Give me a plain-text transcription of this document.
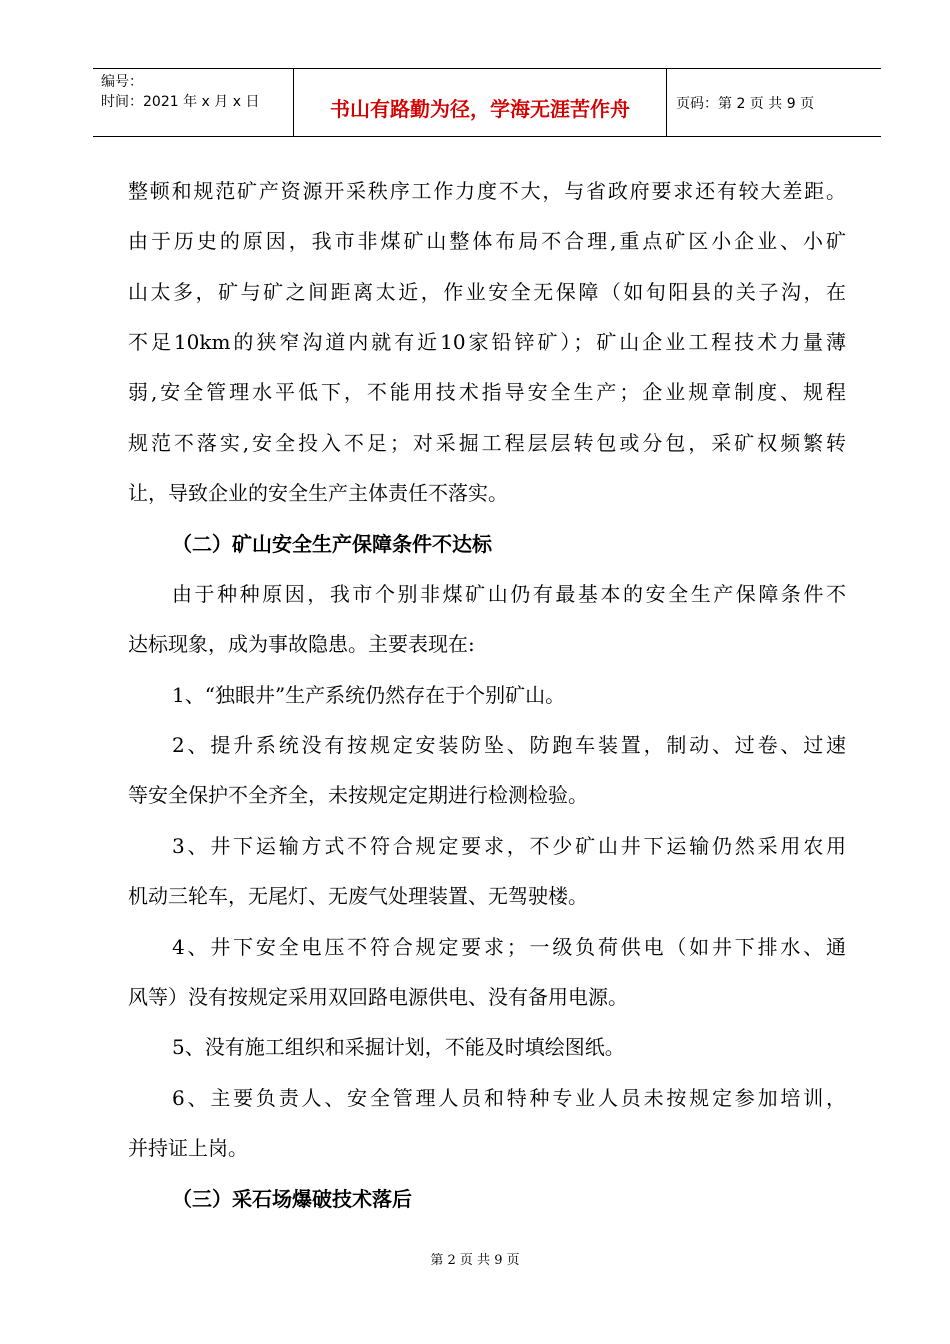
编号：
时间：2021 年 x 月 x 日	书山有路勤为径，学海无涯苦作舟	页码：第 2 页 共 9 页
整顿和规范矿产资源开采秩序工作力度不大，与省政府要求还有较大差距。
由于历史的原因，我市非煤矿山整体布局不合理,重点矿区小企业、小矿
山太多，矿与矿之间距离太近，作业安全无保障（如旬阳县的关子沟，在
不足10km的狭窄沟道内就有近10家铅锌矿）；矿山企业工程技术力量薄
弱,安全管理水平低下，不能用技术指导安全生产；企业规章制度、规程
规范不落实,安全投入不足；对采掘工程层层转包或分包，采矿权频繁转
让，导致企业的安全生产主体责任不落实。
（二）矿山安全生产保障条件不达标
由于种种原因，我市个别非煤矿山仍有最基本的安全生产保障条件不
达标现象，成为事故隐患。主要表现在:
1、“独眼井”生产系统仍然存在于个别矿山。
2、提升系统没有按规定安装防坠、防跑车装置，制动、过卷、过速
等安全保护不全齐全，未按规定定期进行检测检验。
3、井下运输方式不符合规定要求，不少矿山井下运输仍然采用农用
机动三轮车，无尾灯、无废气处理装置、无驾驶楼。
4、井下安全电压不符合规定要求；一级负荷供电（如井下排水、通
风等）没有按规定采用双回路电源供电、没有备用电源。
5、没有施工组织和采掘计划，不能及时填绘图纸。
6、主要负责人、安全管理人员和特种专业人员未按规定参加培训，
并持证上岗。
（三）采石场爆破技术落后
第 2 页 共 9 页
